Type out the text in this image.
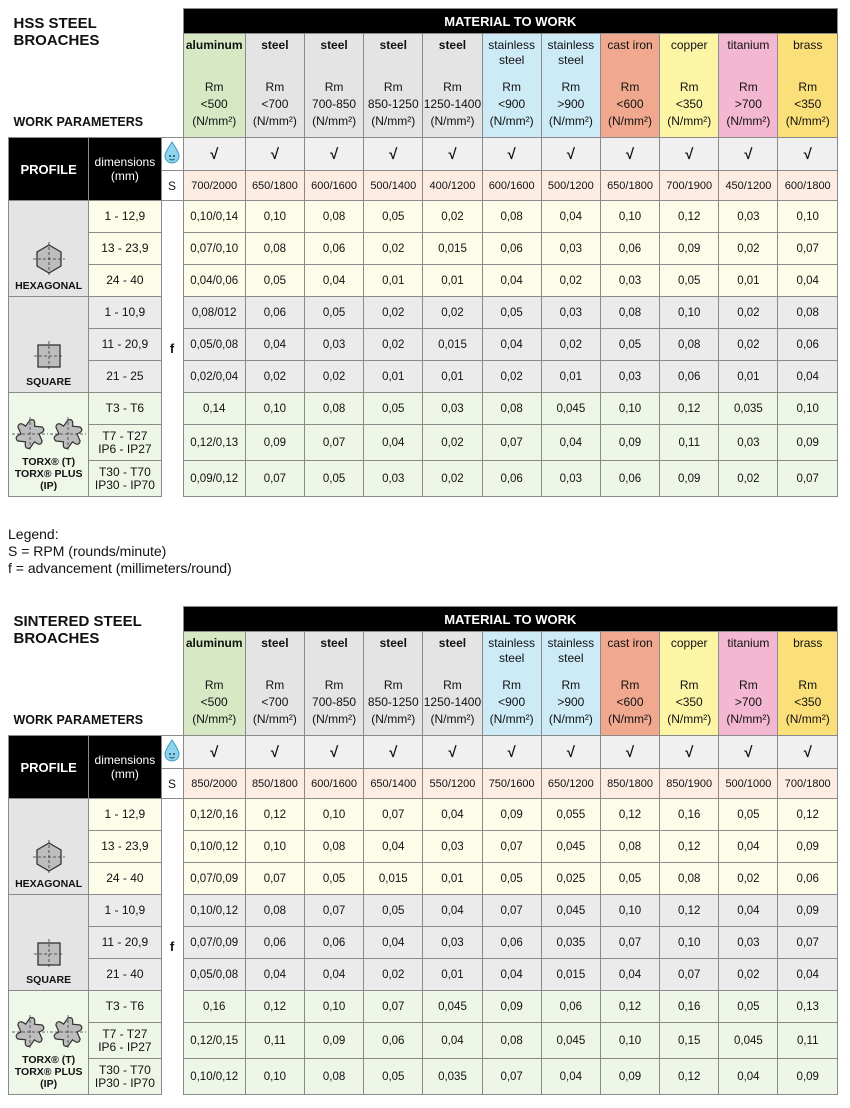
HSS STEEL
BROACHES
WORK PARAMETERS			MATERIAL TO WORK										

			aluminum
Rm
<500
(N/mm²)	steel
Rm
<700
(N/mm²)	steel
Rm
700-850
(N/mm²)	steel
Rm
850-1250
(N/mm²)	steel
Rm
1250-1400
(N/mm²)	stainless steel
Rm
<900
(N/mm²)	stainless steel
Rm
>900
(N/mm²)	cast iron
Rm
<600
(N/mm²)	copper
Rm
<350
(N/mm²)	titanium
Rm
>700
(N/mm²)	brass
Rm
<350
(N/mm²)

PROFILE	dimensions
(mm)		√	√	√	√	√	√	√	√	√	√	√
		S	700/2000	650/1800	600/1600	500/1400	400/1200	600/1600	500/1200	650/1800	700/1900	450/1200	600/1800

HEXAGONAL	1 - 12,9	f	0,10/0,14	0,10	0,08	0,05	0,02	0,08	0,04	0,10	0,12	0,03	0,10
	13 - 23,9		0,07/0,10	0,08	0,06	0,02	0,015	0,06	0,03	0,06	0,09	0,02	0,07
	24 - 40		0,04/0,06	0,05	0,04	0,01	0,01	0,04	0,02	0,03	0,05	0,01	0,04

SQUARE	1 - 10,9		0,08/012	0,06	0,05	0,02	0,02	0,05	0,03	0,08	0,10	0,02	0,08
	11 - 20,9		0,05/0,08	0,04	0,03	0,02	0,015	0,04	0,02	0,05	0,08	0,02	0,06
	21 - 25		0,02/0,04	0,02	0,02	0,01	0,01	0,02	0,01	0,03	0,06	0,01	0,04

TORX® (T)
TORX® PLUS (IP)	T3 - T6		0,14	0,10	0,08	0,05	0,03	0,08	0,045	0,10	0,12	0,035	0,10
	T7 - T27
IP6 - IP27		0,12/0,13	0,09	0,07	0,04	0,02	0,07	0,04	0,09	0,11	0,03	0,09
	T30 - T70
IP30 - IP70		0,09/0,12	0,07	0,05	0,03	0,02	0,06	0,03	0,06	0,09	0,02	0,07
Legend:
S = RPM (rounds/minute)
f = advancement (millimeters/round)
SINTERED STEEL
BROACHES
WORK PARAMETERS			MATERIAL TO WORK										

			aluminum
Rm
<500
(N/mm²)	steel
Rm
<700
(N/mm²)	steel
Rm
700-850
(N/mm²)	steel
Rm
850-1250
(N/mm²)	steel
Rm
1250-1400
(N/mm²)	stainless steel
Rm
<900
(N/mm²)	stainless steel
Rm
>900
(N/mm²)	cast iron
Rm
<600
(N/mm²)	copper
Rm
<350
(N/mm²)	titanium
Rm
>700
(N/mm²)	brass
Rm
<350
(N/mm²)

PROFILE	dimensions
(mm)		√	√	√	√	√	√	√	√	√	√	√
		S	850/2000	850/1800	600/1600	650/1400	550/1200	750/1600	650/1200	850/1800	850/1900	500/1000	700/1800

HEXAGONAL	1 - 12,9	f	0,12/0,16	0,12	0,10	0,07	0,04	0,09	0,055	0,12	0,16	0,05	0,12
	13 - 23,9		0,10/0,12	0,10	0,08	0,04	0,03	0,07	0,045	0,08	0,12	0,04	0,09
	24 - 40		0,07/0,09	0,07	0,05	0,015	0,01	0,05	0,025	0,05	0,08	0,02	0,06

SQUARE	1 - 10,9		0,10/0,12	0,08	0,07	0,05	0,04	0,07	0,045	0,10	0,12	0,04	0,09
	11 - 20,9		0,07/0,09	0,06	0,06	0,04	0,03	0,06	0,035	0,07	0,10	0,03	0,07
	21 - 40		0,05/0,08	0,04	0,04	0,02	0,01	0,04	0,015	0,04	0,07	0,02	0,04

TORX® (T)
TORX® PLUS (IP)	T3 - T6		0,16	0,12	0,10	0,07	0,045	0,09	0,06	0,12	0,16	0,05	0,13
	T7 - T27
IP6 - IP27		0,12/0,15	0,11	0,09	0,06	0,04	0,08	0,045	0,10	0,15	0,045	0,11
	T30 - T70
IP30 - IP70		0,10/0,12	0,10	0,08	0,05	0,035	0,07	0,04	0,09	0,12	0,04	0,09
